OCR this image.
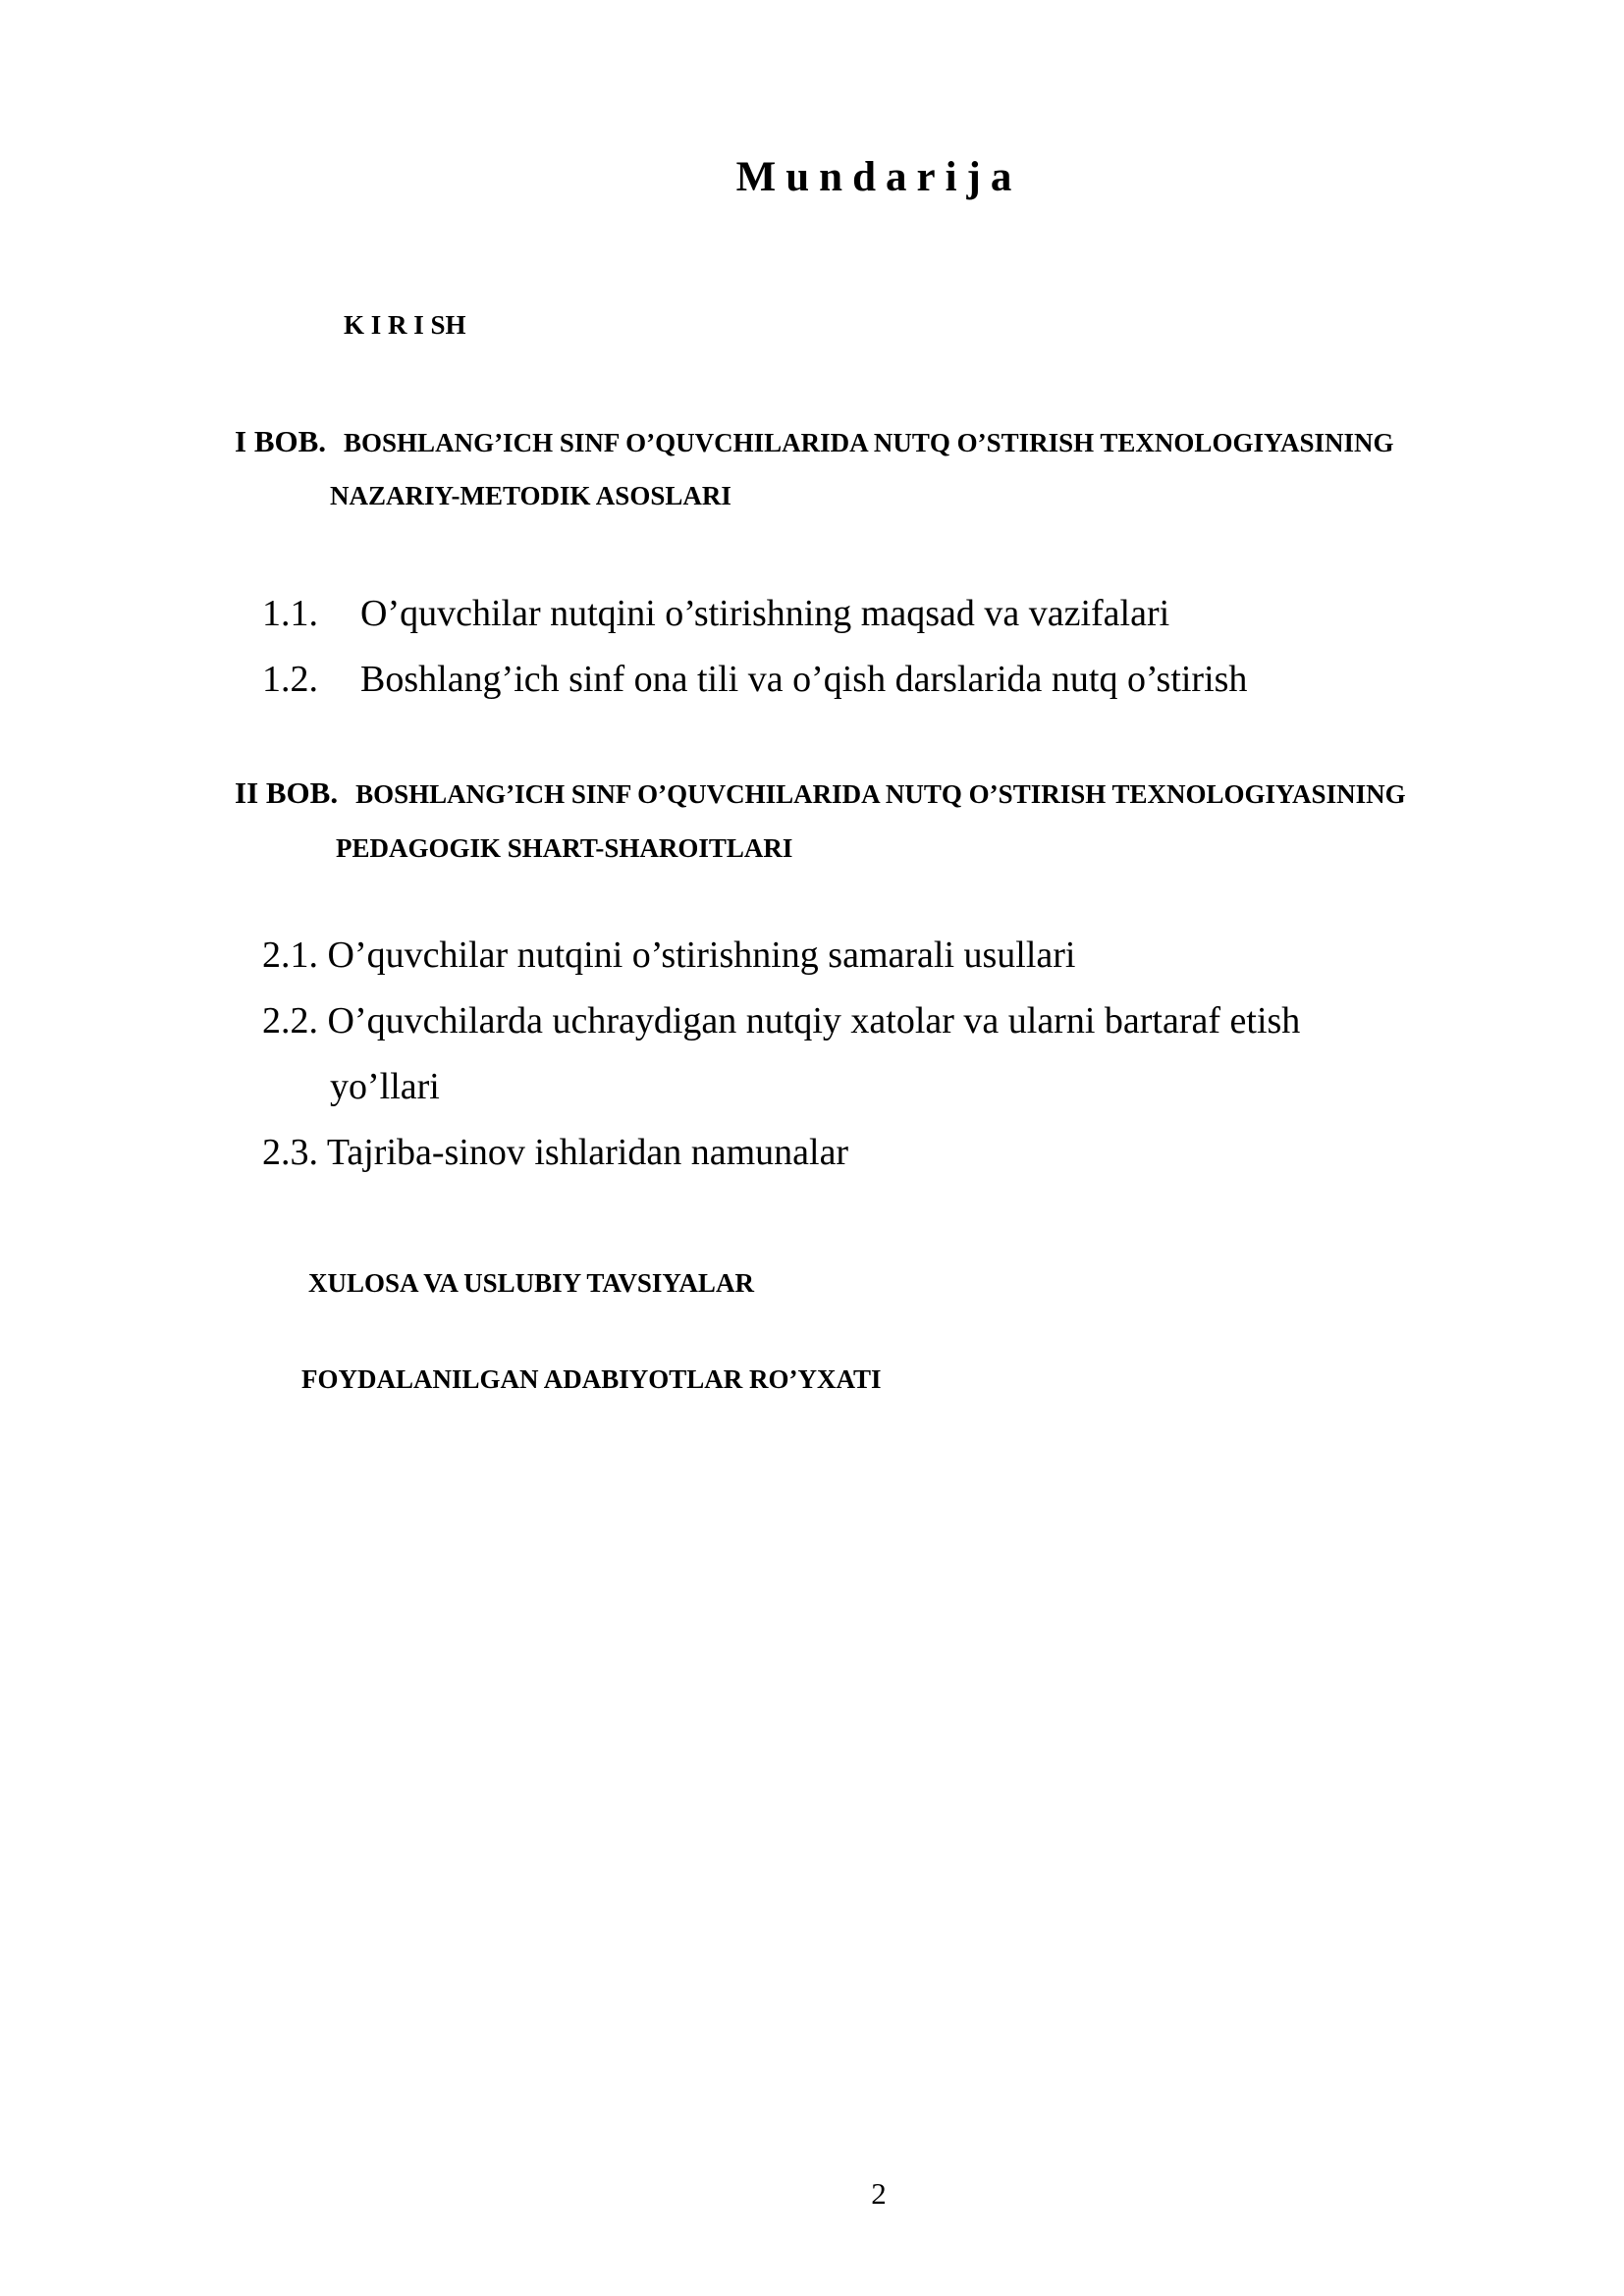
Mundarija
K I R I SH
I BOB. BOSHLANG’ICH SINF O’QUVCHILARIDA NUTQ O’STIRISH TEXNOLOGIYASINING
NAZARIY-METODIK ASOSLARI
1.1. O’quvchilar nutqini o’stirishning maqsad va vazifalari
1.2. Boshlang’ich sinf ona tili va o’qish darslarida nutq o’stirish
II BOB. BOSHLANG’ICH SINF O’QUVCHILARIDA NUTQ O’STIRISH TEXNOLOGIYASINING
PEDAGOGIK SHART-SHAROITLARI
2.1. O’quvchilar nutqini o’stirishning samarali usullari
2.2. O’quvchilarda uchraydigan nutqiy xatolar va ularni bartaraf etish
yo’llari
2.3. Tajriba-sinov ishlaridan namunalar
XULOSA VA USLUBIY TAVSIYALAR
FOYDALANILGAN ADABIYOTLAR RO’YXATI
2
